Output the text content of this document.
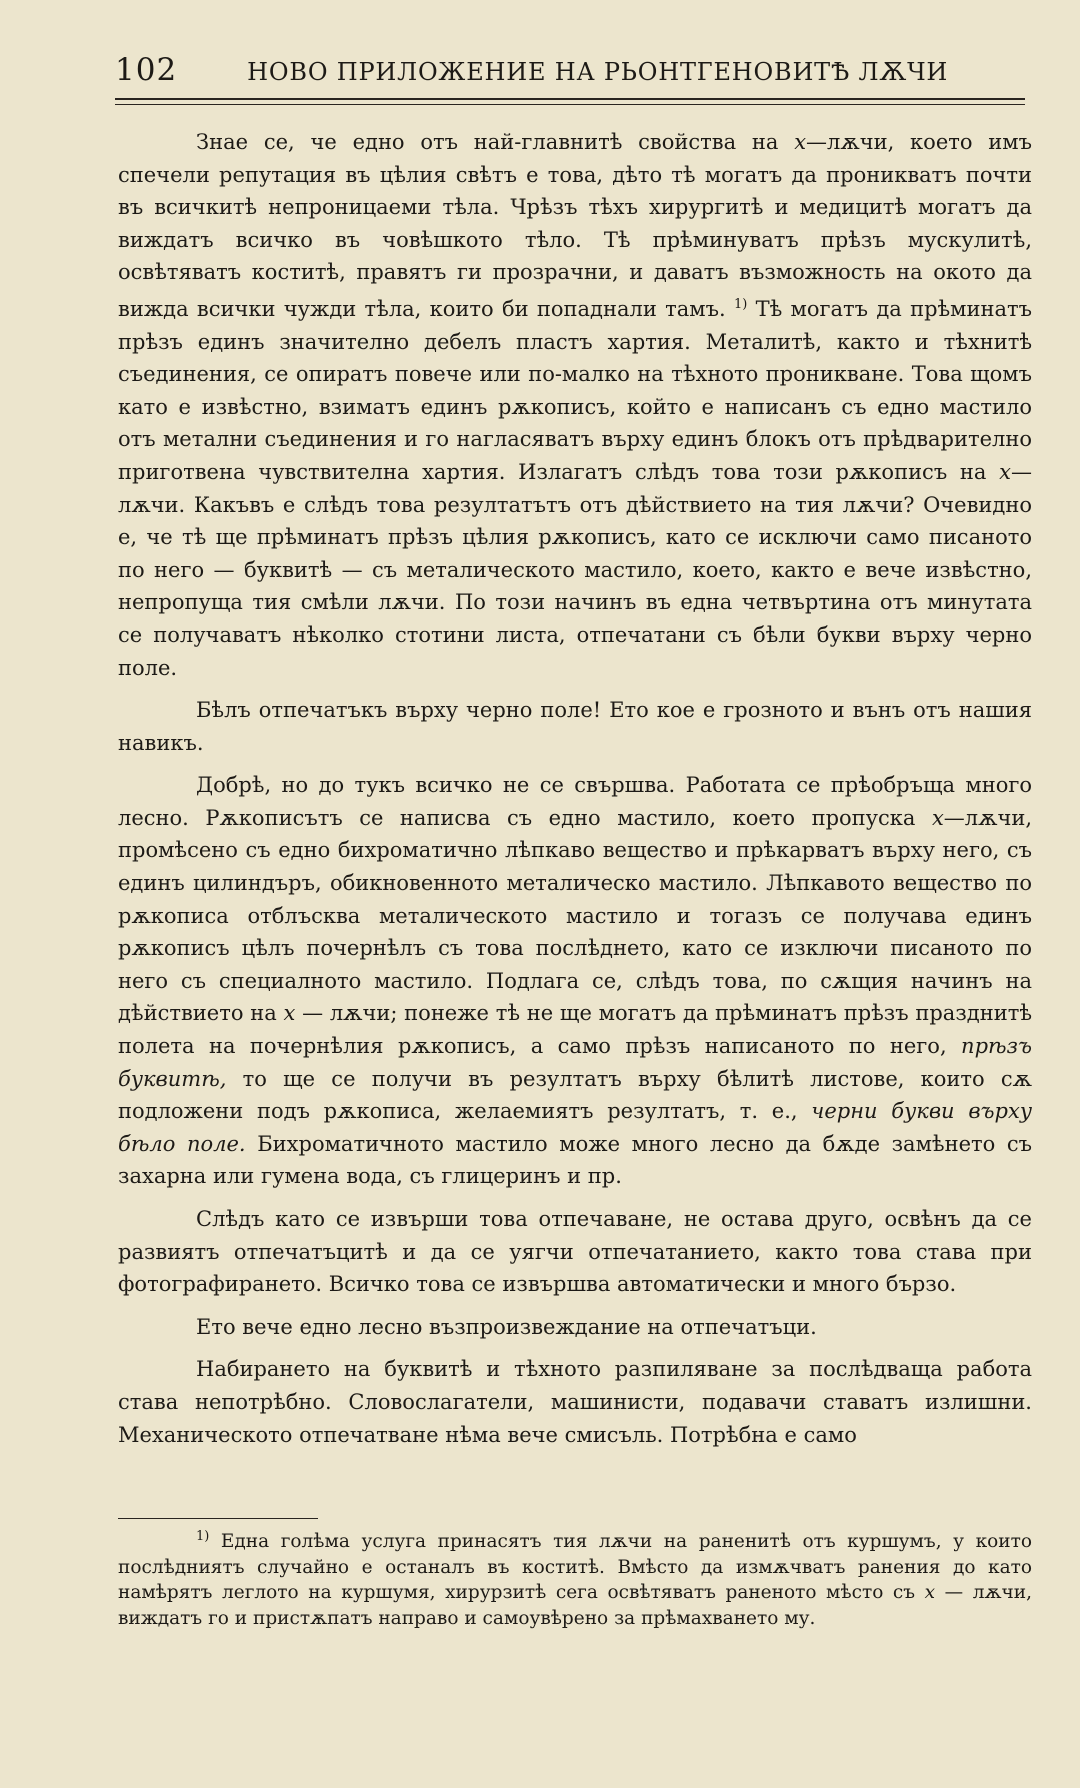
102	НОВО ПРИЛОЖЕНИЕ НА РЬОНТГЕНОВИТѢ ЛѪЧИ

Знае се, че едно отъ най-главнитѣ свойства на x—лѫчи, което имъ спечели репутация въ цѣлия свѣтъ е това, дѣто тѣ могатъ да проникватъ почти въ всичкитѣ непроницаеми тѣла. Чрѣзъ тѣхъ хирургитѣ и медицитѣ могатъ да виждатъ всичко въ човѣшкото тѣло. Тѣ прѣминуватъ прѣзъ мускулитѣ, освѣтяватъ коститѣ, правятъ ги прозрачни, и даватъ възможность на окото да вижда всички чужди тѣла, които би попаднали тамъ. $^{1)}$ Тѣ могатъ да прѣминатъ прѣзъ единъ значително дебелъ пластъ хартия. Металитѣ, както и тѣхнитѣ съединения, се опиратъ повече или по-малко на тѣхното проникване. Това щомъ като е извѣстно, взиматъ единъ рѫкописъ, който е написанъ съ едно мастило отъ метални съединения и го нагласяватъ върху единъ блокъ отъ прѣдварително приготвена чувствителна хартия. Излагатъ слѣдъ това този рѫкописъ на x—лѫчи. Какъвъ е слѣдъ това резултатътъ отъ дѣйствието на тия лѫчи? Очевидно е, че тѣ ще прѣминатъ прѣзъ цѣлия рѫкописъ, като се исключи само писаното по него — буквитѣ — съ металическото мастило, което, както е вече извѣстно, непропуща тия смѣли лѫчи. По този начинъ въ една четвъртина отъ минутата се получаватъ нѣколко стотини листа, отпечатани съ бѣли букви върху черно поле.

Бѣлъ отпечатъкъ върху черно поле! Ето кое е грозното и вънъ отъ нашия навикъ.

Добрѣ, но до тукъ всичко не се свършва. Работата се прѣобръща много лесно. Рѫкописътъ се написва съ едно мастило, което пропуска x—лѫчи, промѣсено съ едно бихроматично лѣпкаво вещество и прѣкарватъ върху него, съ единъ цилиндъръ, обикновенното металическо мастило. Лѣпкавото вещество по рѫкописа отблъсква металическото мастило и тогазъ се получава единъ рѫкописъ цѣлъ почернѣлъ съ това послѣднето, като се изключи писаното по него съ специалното мастило. Подлага се, слѣдъ това, по сѫщия начинъ на дѣйствието на x — лѫчи; понеже тѣ не ще могатъ да прѣминатъ прѣзъ празднитѣ полета на почернѣлия рѫкописъ, а само прѣзъ написаното по него, прѣзъ буквитѣ, то ще се получи въ резултатъ върху бѣлитѣ листове, които сѫ подложени подъ рѫкописа, желаемиятъ резултатъ, т. е., черни букви върху бѣло поле. Бихроматичното мастило може много лесно да бѫде замѣнето съ захарна или гумена вода, съ глицеринъ и пр.

Слѣдъ като се извърши това отпечаване, не остава друго, освѣнъ да се развиятъ отпечатъцитѣ и да се уягчи отпечатанието, както това става при фотографирането. Всичко това се извършва автоматически и много бързо.

Ето вече едно лесно възпроизвеждание на отпечатъци.

Набирането на буквитѣ и тѣхното разпиляване за послѣдваща работа става непотрѣбно. Словослагатели, машинисти, подавачи ставатъ излишни. Механическото отпечатване нѣма вече смисъль. Потрѣбна е само

$^{1)}$ Една голѣма услуга принасятъ тия лѫчи на раненитѣ отъ куршумъ, у които послѣдниятъ случайно е останалъ въ коститѣ. Вмѣсто да измѫчватъ ранения до като намѣрятъ леглото на куршумя, хирурзитѣ сега освѣтяватъ раненото мѣсто съ x — лѫчи, виждатъ го и пристѫпатъ направо и самоувѣрено за прѣмахването му.
